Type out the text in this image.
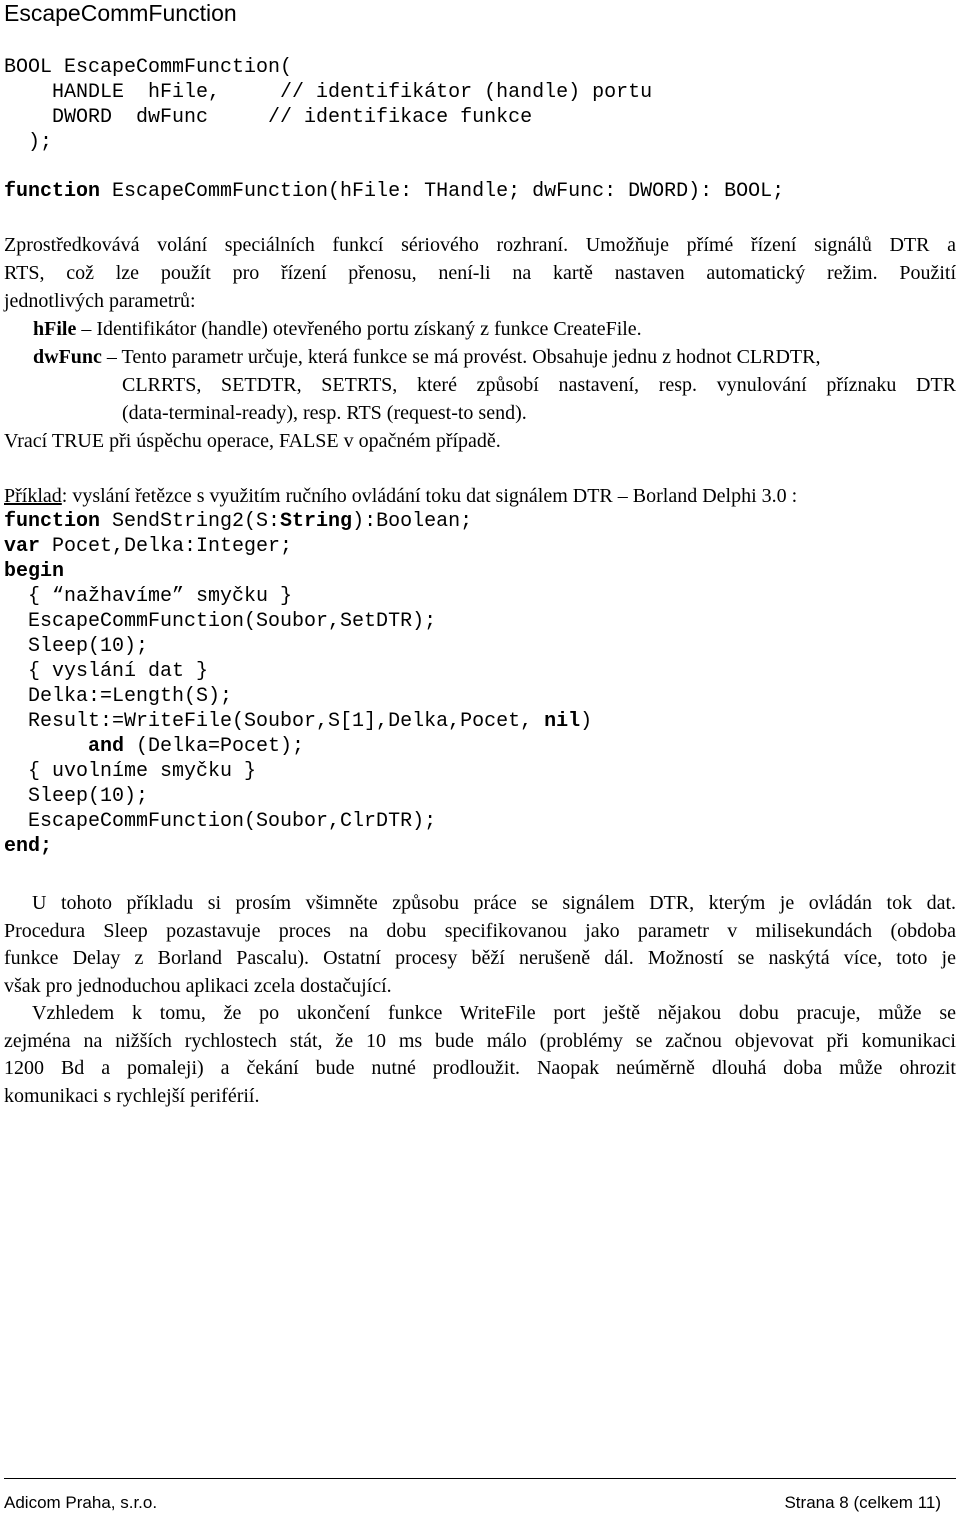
EscapeCommFunction
BOOL EscapeCommFunction(
HANDLE  hFile,     // identifikátor (handle) portu
DWORD  dwFunc     // identifikace funkce
);
function EscapeCommFunction(hFile: THandle; dwFunc: DWORD): BOOL;
Zprostředkovává volání speciálních funkcí sériového rozhraní. Umožňuje přímé řízení signálů DTR a
RTS, což lze použít pro řízení přenosu, není-li na kartě nastaven automatický režim. Použití
jednotlivých parametrů:
hFile – Identifikátor (handle) otevřeného portu získaný z funkce CreateFile.
dwFunc – Tento parametr určuje, která funkce se má provést. Obsahuje jednu z hodnot CLRDTR,
CLRRTS, SETDTR, SETRTS, které způsobí nastavení, resp. vynulování příznaku DTR
(data-terminal-ready), resp. RTS (request-to send).
Vrací TRUE při úspěchu operace, FALSE v opačném případě.
Příklad: vyslání řetězce s využitím ručního ovládání toku dat signálem DTR – Borland Delphi 3.0 :
function SendString2(S:String):Boolean;
var Pocet,Delka:Integer;
begin
{ “nažhavíme” smyčku }
EscapeCommFunction(Soubor,SetDTR);
Sleep(10);
{ vyslání dat }
Delka:=Length(S);
Result:=WriteFile(Soubor,S[1],Delka,Pocet, nil)
and (Delka=Pocet);
{ uvolníme smyčku }
Sleep(10);
EscapeCommFunction(Soubor,ClrDTR);
end;
U tohoto příkladu si prosím všimněte způsobu práce se signálem DTR, kterým je ovládán tok dat.
Procedura Sleep pozastavuje proces na dobu specifikovanou jako parametr v milisekundách (obdoba
funkce Delay z Borland Pascalu). Ostatní procesy běží nerušeně dál. Možností se naskýtá více, toto je
však pro jednoduchou aplikaci zcela dostačující.
Vzhledem k tomu, že po ukončení funkce WriteFile port ještě nějakou dobu pracuje, může se
zejména na nižších rychlostech stát, že 10 ms bude málo (problémy se začnou objevovat při komunikaci
1200 Bd a pomaleji) a čekání bude nutné prodloužit. Naopak neúměrně dlouhá doba může ohrozit
komunikaci s rychlejší periférií.
Adicom Praha, s.r.o.	Strana 8 (celkem 11)
